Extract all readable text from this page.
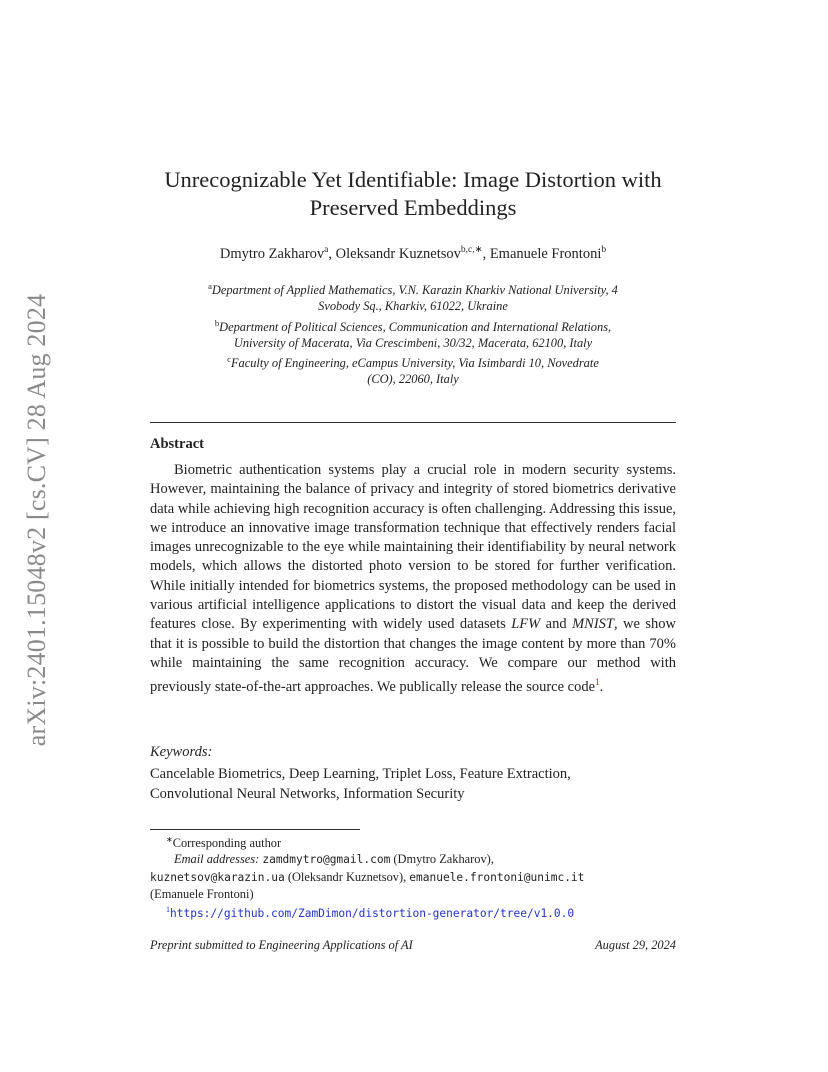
arXiv:2401.15048v2 [cs.CV] 28 Aug 2024
Unrecognizable Yet Identifiable: Image Distortion with
Preserved Embeddings
Dmytro Zakharov$^a$, Oleksandr Kuznetsov$^{b,c,∗}$, Emanuele Frontoni$^b$
$^a$Department of Applied Mathematics, V.N. Karazin Kharkiv National University, 4
Svobody Sq., Kharkiv, 61022, Ukraine
$^b$Department of Political Sciences, Communication and International Relations,
University of Macerata, Via Crescimbeni, 30/32, Macerata, 62100, Italy
$^c$Faculty of Engineering, eCampus University, Via Isimbardi 10, Novedrate
(CO), 22060, Italy
Abstract
Biometric authentication systems play a crucial role in modern security systems. However, maintaining the balance of privacy and integrity of stored biometrics derivative data while achieving high recognition accuracy is often challenging. Addressing this issue, we introduce an innovative image transformation technique that effectively renders facial images unrecognizable to the eye while maintaining their identifiability by neural network models, which allows the distorted photo version to be stored for further verification. While initially intended for biometrics systems, the proposed methodology can be used in various artificial intelligence applications to distort the visual data and keep the derived features close. By experimenting with widely used datasets LFW and MNIST, we show that it is possible to build the distortion that changes the image content by more than 70% while maintaining the same recognition accuracy. We compare our method with previously state-of-the-art approaches. We publically release the source code$^1$.
Keywords:
Cancelable Biometrics, Deep Learning, Triplet Loss, Feature Extraction,
Convolutional Neural Networks, Information Security
∗Corresponding author
Email addresses: zamdmytro@gmail.com (Dmytro Zakharov),
kuznetsov@karazin.ua (Oleksandr Kuznetsov), emanuele.frontoni@unimc.it
(Emanuele Frontoni)
$^1$https://github.com/ZamDimon/distortion-generator/tree/v1.0.0
Preprint submitted to Engineering Applications of AI	August 29, 2024
